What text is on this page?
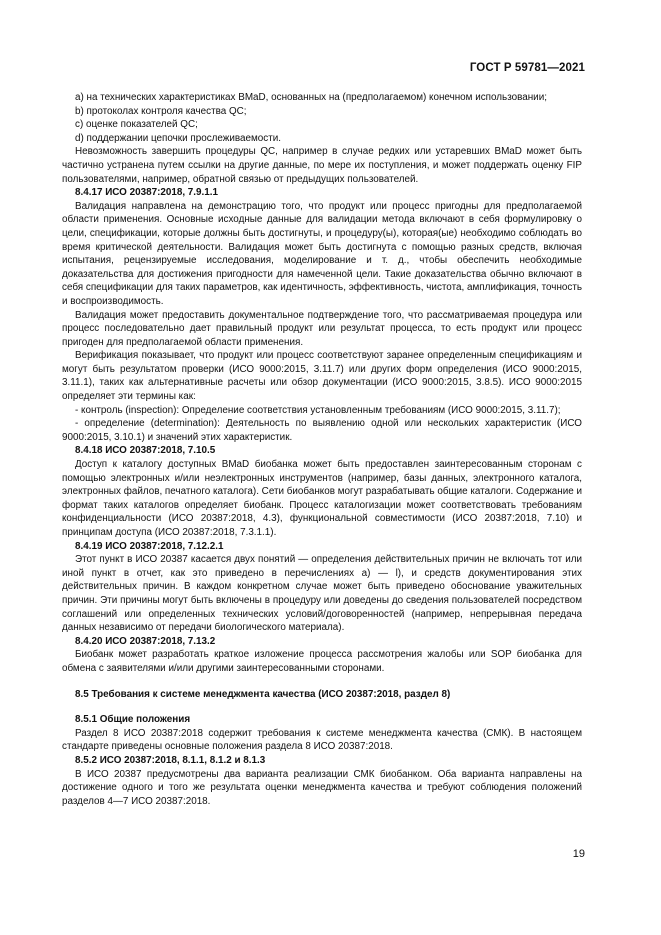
ГОСТ Р 59781—2021

a) на технических характеристиках BMaD, основанных на (предполагаемом) конечном использовании;

b) протоколах контроля качества QC;

c) оценке показателей QC;

d) поддержании цепочки прослеживаемости.

Невозможность завершить процедуры QC, например в случае редких или устаревших BMaD может быть частично устранена путем ссылки на другие данные, по мере их поступления, и может поддержать оценку FIP пользователями, например, обратной связью от предыдущих пользователей.

8.4.17 ИСО 20387:2018, 7.9.1.1

Валидация направлена на демонстрацию того, что продукт или процесс пригодны для предполагаемой области применения. Основные исходные данные для валидации метода включают в себя формулировку о цели, спецификации, которые должны быть достигнуты, и процедуру(ы), которая(ые) необходимо соблюдать во время критической деятельности. Валидация может быть достигнута с помощью разных средств, включая испытания, рецензируемые исследования, моделирование и т. д., чтобы обеспечить необходимые доказательства для достижения пригодности для намеченной цели. Такие доказательства обычно включают в себя спецификации для таких параметров, как идентичность, эффективность, чистота, амплификация, точность и воспроизводимость.

Валидация может предоставить документальное подтверждение того, что рассматриваемая процедура или процесс последовательно дает правильный продукт или результат процесса, то есть продукт или процесс пригоден для предполагаемой области применения.

Верификация показывает, что продукт или процесс соответствуют заранее определенным спецификациям и могут быть результатом проверки (ИСО 9000:2015, 3.11.7) или других форм определения (ИСО 9000:2015, 3.11.1), таких как альтернативные расчеты или обзор документации (ИСО 9000:2015, 3.8.5). ИСО 9000:2015 определяет эти термины как:

- контроль (inspection): Определение соответствия установленным требованиям (ИСО 9000:2015, 3.11.7);

- определение (determination): Деятельность по выявлению одной или нескольких характеристик (ИСО 9000:2015, 3.10.1) и значений этих характеристик.

8.4.18 ИСО 20387:2018, 7.10.5

Доступ к каталогу доступных BMaD биобанка может быть предоставлен заинтересованным сторонам с помощью электронных и/или неэлектронных инструментов (например, базы данных, электронного каталога, электронных файлов, печатного каталога). Сети биобанков могут разрабатывать общие каталоги. Содержание и формат таких каталогов определяет биобанк. Процесс каталогизации может соответствовать требованиям конфиденциальности (ИСО 20387:2018, 4.3), функциональной совместимости (ИСО 20387:2018, 7.10) и принципам доступа (ИСО 20387:2018, 7.3.1.1).

8.4.19 ИСО 20387:2018, 7.12.2.1

Этот пункт в ИСО 20387 касается двух понятий — определения действительных причин не включать тот или иной пункт в отчет, как это приведено в перечислениях а) — l), и средств документирования этих действительных причин. В каждом конкретном случае может быть приведено обоснование уважительных причин. Эти причины могут быть включены в процедуру или доведены до сведения пользователей посредством соглашений или определенных технических условий/договоренностей (например, непрерывная передача данных независимо от передачи биологического материала).

8.4.20 ИСО 20387:2018, 7.13.2

Биобанк может разработать краткое изложение процесса рассмотрения жалобы или SOP биобанка для обмена с заявителями и/или другими заинтересованными сторонами.

8.5 Требования к системе менеджмента качества (ИСО 20387:2018, раздел 8)

8.5.1 Общие положения

Раздел 8 ИСО 20387:2018 содержит требования к системе менеджмента качества (СМК). В настоящем стандарте приведены основные положения раздела 8 ИСО 20387:2018.

8.5.2 ИСО 20387:2018, 8.1.1, 8.1.2 и 8.1.3

В ИСО 20387 предусмотрены два варианта реализации СМК биобанком. Оба варианта направлены на достижение одного и того же результата оценки менеджмента качества и требуют соблюдения положений разделов 4—7 ИСО 20387:2018.

19
